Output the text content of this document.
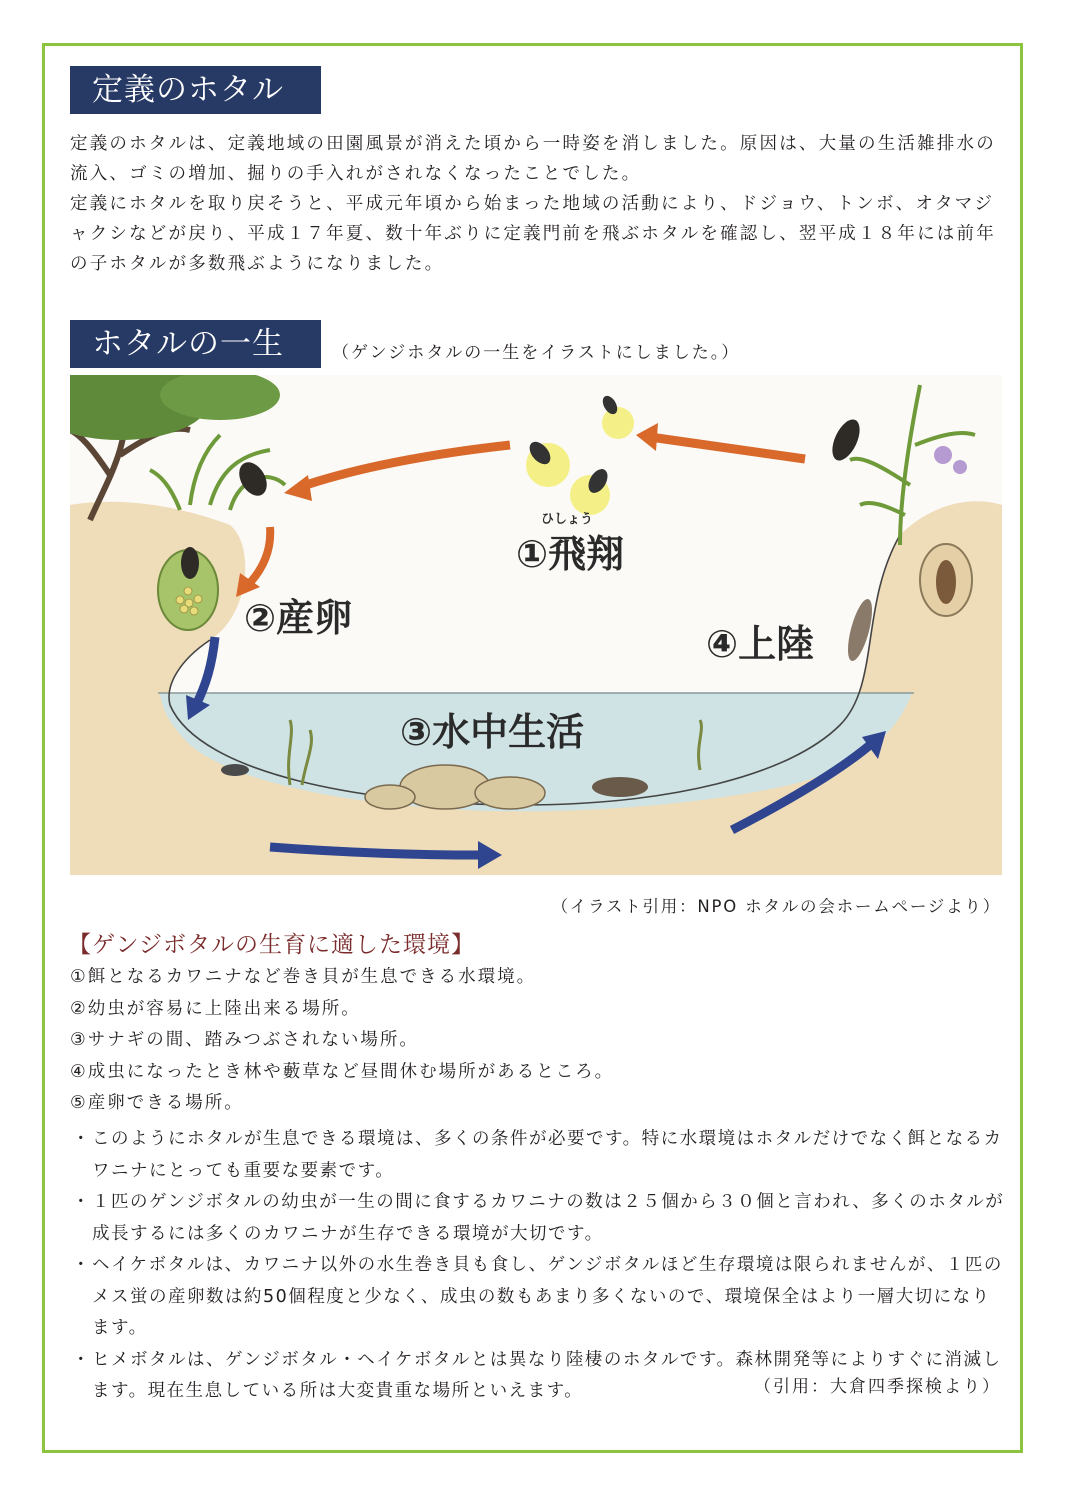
定義のホタル

定義のホタルは、定義地域の田園風景が消えた頃から一時姿を消しました。原因は、大量の生活雑排水の流入、ゴミの増加、掘りの手入れがされなくなったことでした。

定義にホタルを取り戻そうと、平成元年頃から始まった地域の活動により、ドジョウ、トンボ、オタマジャクシなどが戻り、平成１７年夏、数十年ぶりに定義門前を飛ぶホタルを確認し、翌平成１８年には前年の子ホタルが多数飛ぶようになりました。

ホタルの一生	（ゲンジホタルの一生をイラストにしました。）
ひしょう
①飛翔
②産卵
③水中生活
④上陸
（イラスト引用：NPO ホタルの会ホームページより）
【ゲンジボタルの生育に適した環境】
①餌となるカワニナなど巻き貝が生息できる水環境。
②幼虫が容易に上陸出来る場所。
③サナギの間、踏みつぶされない場所。
④成虫になったとき林や藪草など昼間休む場所があるところ。
⑤産卵できる場所。
・ このようにホタルが生息できる環境は、多くの条件が必要です。特に水環境はホタルだけでなく餌となるカワニナにとっても重要な要素です。
・ １匹のゲンジボタルの幼虫が一生の間に食するカワニナの数は２５個から３０個と言われ、多くのホタルが成長するには多くのカワニナが生存できる環境が大切です。
・ ヘイケボタルは、カワニナ以外の水生巻き貝も食し、ゲンジボタルほど生存環境は限られませんが、１匹のメス蛍の産卵数は約50個程度と少なく、成虫の数もあまり多くないので、環境保全はより一層大切になります。
・ ヒメボタルは、ゲンジボタル・ヘイケボタルとは異なり陸棲のホタルです。森林開発等によりすぐに消滅します。現在生息している所は大変貴重な場所といえます。	（引用：大倉四季探検より）
